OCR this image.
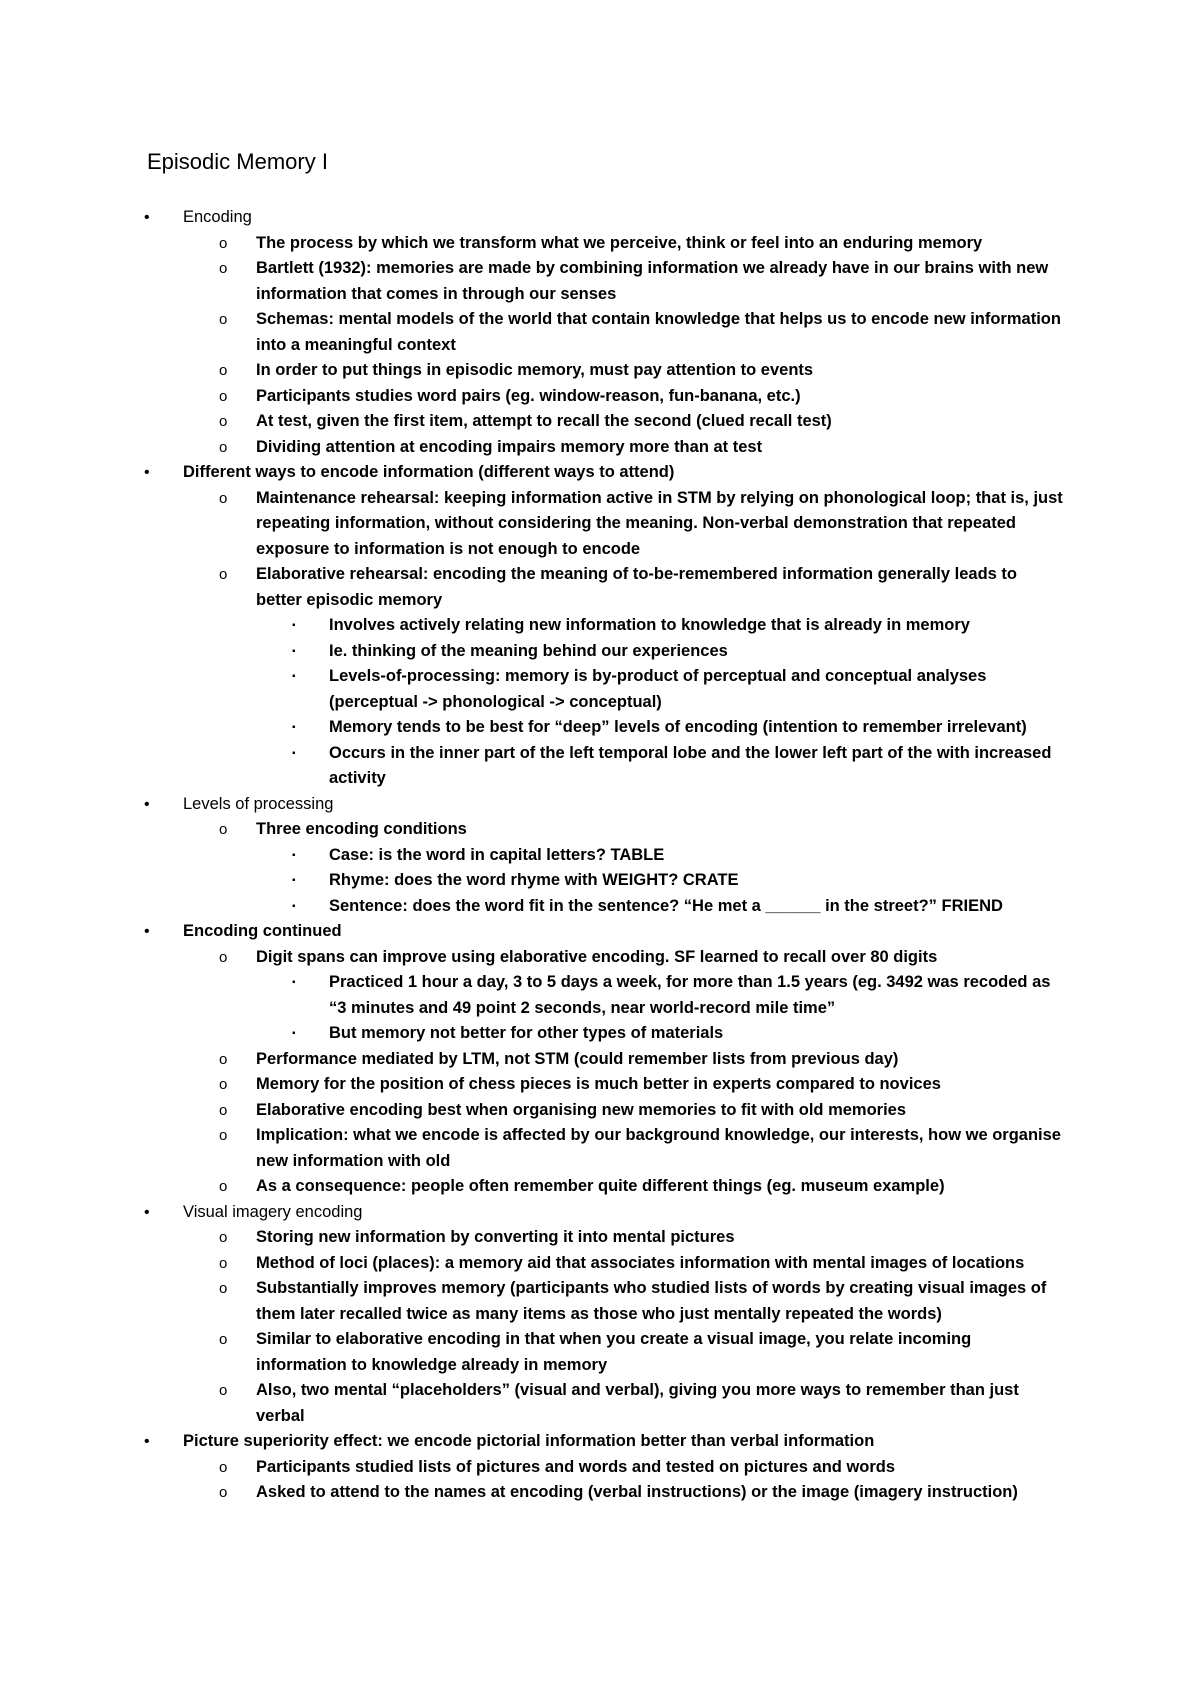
Episodic Memory I
• Encoding
o The process by which we transform what we perceive, think or feel into an enduring memory
o Bartlett (1932): memories are made by combining information we already have in our brains with new information that comes in through our senses
o Schemas: mental models of the world that contain knowledge that helps us to encode new information into a meaningful context
o In order to put things in episodic memory, must pay attention to events
o Participants studies word pairs (eg. window-reason, fun-banana, etc.)
o At test, given the first item, attempt to recall the second (clued recall test)
o Dividing attention at encoding impairs memory more than at test
• Different ways to encode information (different ways to attend)
o Maintenance rehearsal: keeping information active in STM by relying on phonological loop; that is, just repeating information, without considering the meaning. Non-verbal demonstration that repeated exposure to information is not enough to encode
o Elaborative rehearsal: encoding the meaning of to-be-remembered information generally leads to better episodic memory
▪ Involves actively relating new information to knowledge that is already in memory
▪ Ie. thinking of the meaning behind our experiences
▪ Levels-of-processing: memory is by-product of perceptual and conceptual analyses (perceptual -> phonological -> conceptual)
▪ Memory tends to be best for “deep” levels of encoding (intention to remember irrelevant)
▪ Occurs in the inner part of the left temporal lobe and the lower left part of the with increased activity
• Levels of processing
o Three encoding conditions
▪ Case: is the word in capital letters? TABLE
▪ Rhyme: does the word rhyme with WEIGHT? CRATE
▪ Sentence: does the word fit in the sentence? “He met a ______ in the street?” FRIEND
• Encoding continued
o Digit spans can improve using elaborative encoding. SF learned to recall over 80 digits
▪ Practiced 1 hour a day, 3 to 5 days a week, for more than 1.5 years (eg. 3492 was recoded as “3 minutes and 49 point 2 seconds, near world-record mile time”
▪ But memory not better for other types of materials
o Performance mediated by LTM, not STM (could remember lists from previous day)
o Memory for the position of chess pieces is much better in experts compared to novices
o Elaborative encoding best when organising new memories to fit with old memories
o Implication: what we encode is affected by our background knowledge, our interests, how we organise new information with old
o As a consequence: people often remember quite different things (eg. museum example)
• Visual imagery encoding
o Storing new information by converting it into mental pictures
o Method of loci (places): a memory aid that associates information with mental images of locations
o Substantially improves memory (participants who studied lists of words by creating visual images of them later recalled twice as many items as those who just mentally repeated the words)
o Similar to elaborative encoding in that when you create a visual image, you relate incoming information to knowledge already in memory
o Also, two mental “placeholders” (visual and verbal), giving you more ways to remember than just verbal
• Picture superiority effect: we encode pictorial information better than verbal information
o Participants studied lists of pictures and words and tested on pictures and words
o Asked to attend to the names at encoding (verbal instructions) or the image (imagery instruction)
